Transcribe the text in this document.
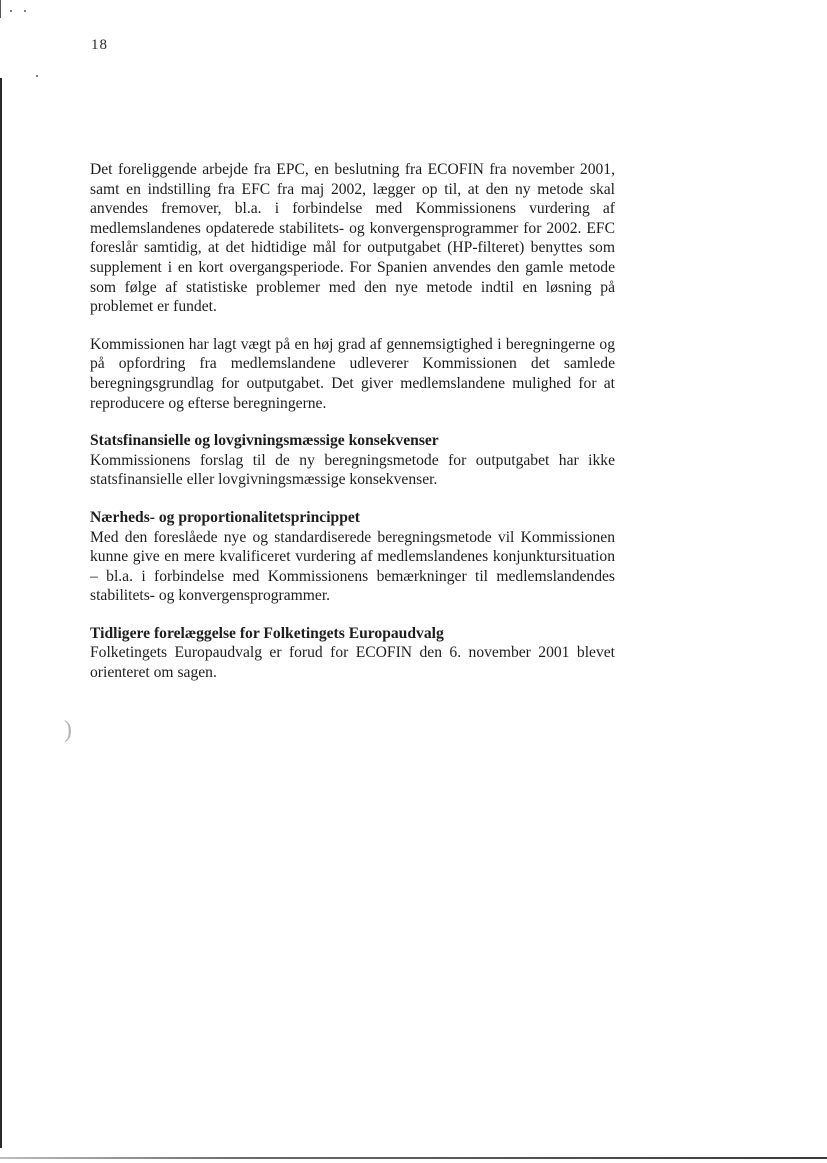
)

18

Det foreliggende arbejde fra EPC, en beslutning fra ECOFIN fra november 2001, samt en indstilling fra EFC fra maj 2002, lægger op til, at den ny metode skal anvendes fremover, bl.a. i forbindelse med Kommissionens vurdering af medlemslandenes opdaterede stabilitets- og konvergensprogrammer for 2002. EFC foreslår samtidig, at det hidtidige mål for outputgabet (HP-filteret) benyttes som supplement i en kort overgangsperiode. For Spanien anvendes den gamle metode som følge af statistiske problemer med den nye metode indtil en løsning på problemet er fundet.

Kommissionen har lagt vægt på en høj grad af gennemsigtighed i beregningerne og på opfordring fra medlemslandene udleverer Kommissionen det samlede beregningsgrundlag for outputgabet. Det giver medlemslandene mulighed for at reproducere og efterse beregningerne.

Statsfinansielle og lovgivningsmæssige konsekvenser

Kommissionens forslag til de ny beregningsmetode for outputgabet har ikke statsfinansielle eller lovgivningsmæssige konsekvenser.

Nærheds- og proportionalitetsprincippet

Med den foreslåede nye og standardiserede beregningsmetode vil Kommissionen kunne give en mere kvalificeret vurdering af medlemslandenes konjunktursituation – bl.a. i forbindelse med Kommissionens bemærkninger til medlemslandendes stabilitets- og konvergensprogrammer.

Tidligere forelæggelse for Folketingets Europaudvalg

Folketingets Europaudvalg er forud for ECOFIN den 6. november 2001 blevet orienteret om sagen.
